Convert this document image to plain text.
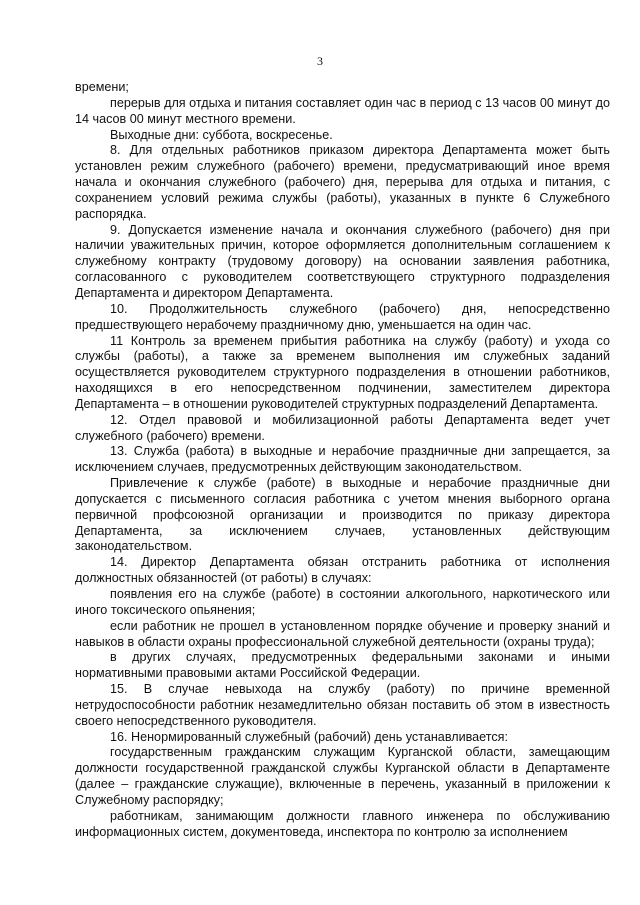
3

времени;

перерыв для отдыха и питания составляет один час в период с 13 часов 00 минут до 14 часов 00 минут местного времени.

Выходные дни: суббота, воскресенье.

8. Для отдельных работников приказом директора Департамента может быть установлен режим служебного (рабочего) времени, предусматривающий иное время начала и окончания служебного (рабочего) дня, перерыва для отдыха и питания, с сохранением условий режима службы (работы), указанных в пункте 6 Служебного распорядка.

9. Допускается изменение начала и окончания служебного (рабочего) дня при наличии уважительных причин, которое оформляется дополнительным соглашением к служебному контракту (трудовому договору) на основании заявления работника, согласованного с руководителем соответствующего структурного подразделения Департамента и директором Департамента.

10. Продолжительность служебного (рабочего) дня, непосредственно предшествующего нерабочему праздничному дню, уменьшается на один час.

11 Контроль за временем прибытия работника на службу (работу) и ухода со службы (работы), а также за временем выполнения им служебных заданий осуществляется руководителем структурного подразделения в отношении работников, находящихся в его непосредственном подчинении, заместителем директора Департамента – в отношении руководителей структурных подразделений Департамента.

12. Отдел правовой и мобилизационной работы Департамента ведет учет служебного (рабочего) времени.

13. Служба (работа) в выходные и нерабочие праздничные дни запрещается, за исключением случаев, предусмотренных действующим законодательством.

Привлечение к службе (работе) в выходные и нерабочие праздничные дни допускается с письменного согласия работника с учетом мнения выборного органа первичной профсоюзной организации и производится по приказу директора Департамента, за исключением случаев, установленных действующим законодательством.

14. Директор Департамента обязан отстранить работника от исполнения должностных обязанностей (от работы) в случаях:

появления его на службе (работе) в состоянии алкогольного, наркотического или иного токсического опьянения;

если работник не прошел в установленном порядке обучение и проверку знаний и навыков в области охраны профессиональной служебной деятельности (охраны труда);

в других случаях, предусмотренных федеральными законами и иными нормативными правовыми актами Российской Федерации.

15. В случае невыхода на службу (работу) по причине временной нетрудоспособности работник незамедлительно обязан поставить об этом в известность своего непосредственного руководителя.

16. Ненормированный служебный (рабочий) день устанавливается:

государственным гражданским служащим Курганской области, замещающим должности государственной гражданской службы Курганской области в Департаменте (далее – гражданские служащие), включенные в перечень, указанный в приложении к Служебному распорядку;

работникам, занимающим должности главного инженера по обслуживанию информационных систем, документоведа, инспектора по контролю за исполнением
